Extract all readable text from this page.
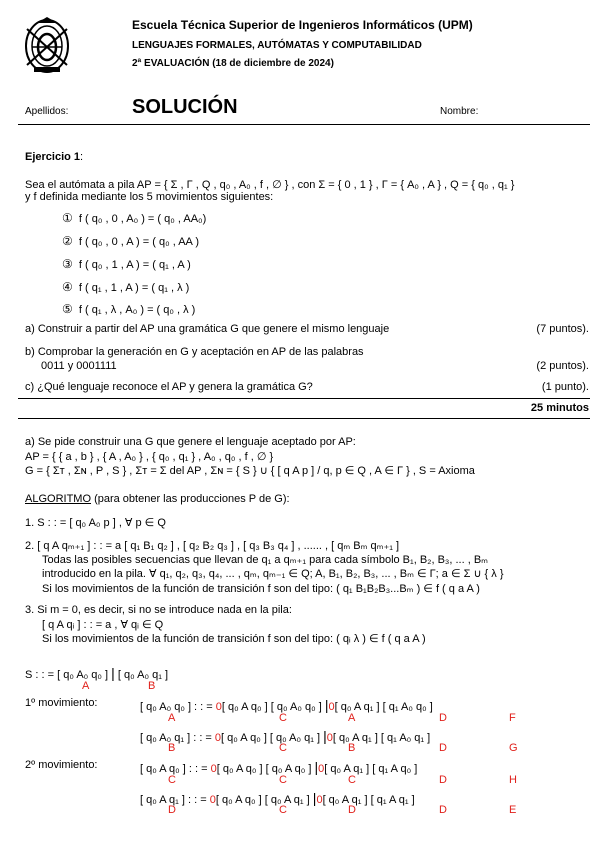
Escuela Técnica Superior de Ingenieros Informáticos (UPM)
LENGUAJES FORMALES, AUTÓMATAS Y COMPUTABILIDAD
2ª EVALUACIÓN (18 de diciembre de 2024)
Apellidos:	SOLUCIÓN	Nombre:
Ejercicio 1:
Sea el autómata a pila AP = { Σ , Γ , Q , q₀ , A₀ , f , ∅ } , con Σ = { 0 , 1 } , Γ = { A₀ , A } , Q = { q₀ , q₁ }
y f definida mediante los 5 movimientos siguientes:
① f ( q₀ , 0 , A₀ ) = ( q₀ , AA₀)
② f ( q₀ , 0 , A ) = ( q₀ , AA )
③ f ( q₀ , 1 , A ) = ( q₁ , A )
④ f ( q₁ , 1 , A ) = ( q₁ , λ )
⑤ f ( q₁ , λ , A₀ ) = ( q₀ , λ )
a) Construir a partir del AP una gramática G que genere el mismo lenguaje	(7 puntos).
b) Comprobar la generación en G y aceptación en AP de las palabras
0011 y 0001111	(2 puntos).
c) ¿Qué lenguaje reconoce el AP y genera la gramática G?	(1 punto).
25 minutos
a) Se pide construir una G que genere el lenguaje aceptado por AP:
AP = { { a , b } , { A , A₀ } , { q₀ , q₁ } , A₀ , q₀ , f , ∅ }
G = { Σᴛ , Σɴ , P , S } , Σᴛ = Σ del AP , Σɴ = { S } ∪ { [ q A p ] / q, p ∈ Q , A ∈ Γ } , S = Axioma
ALGORITMO (para obtener las producciones P de G):
1. S : : = [ q₀ A₀ p ] , ∀ p ∈ Q
2. [ q A qₘ₊₁ ] : : = a [ q₁ B₁ q₂ ] , [ q₂ B₂ q₃ ] , [ q₃ B₃ q₄ ] , ...... , [ qₘ Bₘ qₘ₊₁ ]
Todas las posibles secuencias que llevan de q₁ a qₘ₊₁ para cada símbolo B₁, B₂, B₃, ... , Bₘ
introducido en la pila. ∀ q₁, q₂, q₃, q₄, ... , qₘ, qₘ₋₁ ∈ Q; A, B₁, B₂, B₃, ... , Bₘ ∈ Γ; a ∈ Σ ∪ { λ }
Si los movimientos de la función de transición f son del tipo: ( q₁ B₁B₂B₃...Bₘ ) ∈ f ( q a A )
3. Si m = 0, es decir, si no se introduce nada en la pila:
[ q A qᵢ ] : : = a , ∀ qᵢ ∈ Q
Si los movimientos de la función de transición f son del tipo: ( qᵢ λ ) ∈ f ( q a A )
S : : = [ q₀ A₀ q₀ ] | [ q₀ A₀ q₁ ]
A	B
1º movimiento:	[ q₀ A₀ q₀ ] : : = 0[ q₀ A q₀ ] [ q₀ A₀ q₀ ] |0[ q₀ A q₁ ] [ q₁ A₀ q₀ ]
A	C	A	D	F
[ q₀ A₀ q₁ ] : : = 0[ q₀ A q₀ ] [ q₀ A₀ q₁ ] |0[ q₀ A q₁ ] [ q₁ A₀ q₁ ]
B	C	B	D	G
2º movimiento:	[ q₀ A q₀ ] : : = 0[ q₀ A q₀ ] [ q₀ A q₀ ] |0[ q₀ A q₁ ] [ q₁ A q₀ ]
C	C	C	D	H
[ q₀ A q₁ ] : : = 0[ q₀ A q₀ ] [ q₀ A q₁ ] |0[ q₀ A q₁ ] [ q₁ A q₁ ]
D	C	D	D	E
